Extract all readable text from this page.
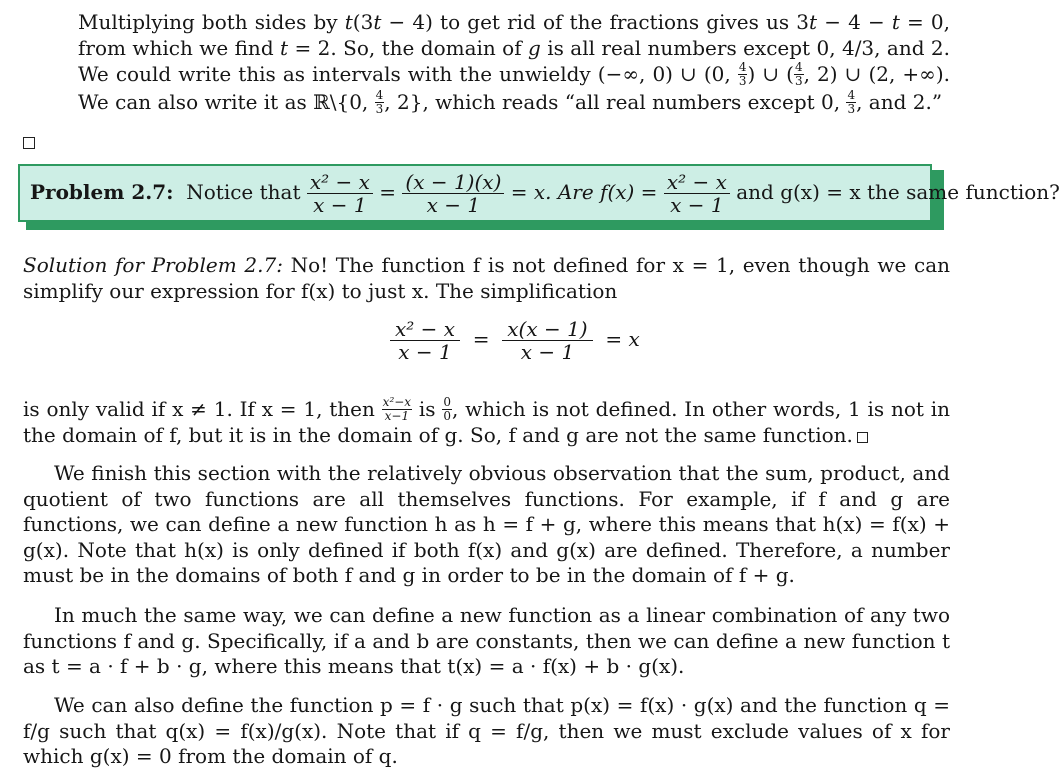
Multiplying both sides by t(3t − 4) to get rid of the fractions gives us 3t − 4 − t = 0, from which we find t = 2. So, the domain of g is all real numbers except 0, 4/3, and 2. We could write this as intervals with the unwieldy (−∞, 0) ∪ (0, $\frac{4}{3}$ ) ∪ ( $\frac{4}{3}$ , 2) ∪ (2, +∞). We can also write it as ℝ\{0, $\frac{4}{3}$ , 2}, which reads “all real numbers except 0, $\frac{4}{3}$ , and 2.”
Problem 2.7:
Notice that
$\frac{\text{x² − x}}{x - 1} = \frac{(x - 1)(x)}{x - 1}$
= x. Are f(x) =
$\frac{\text{x² − x}}{x - 1}$
and g(x) = x the same function?
Solution for Problem 2.7: No! The function f is not defined for x = 1, even though we can simplify our expression for f(x) to just x. The simplification
$\frac{\text{x² − x}}{x - 1} = \frac{x(x - 1)}{x - 1} = x$
is only valid if x ≠ 1. If x = 1, then $\frac{\text{x²−x}}{x-1}$ is $\frac{0}{0}$ , which is not defined. In other words, 1 is not in the domain of f, but it is in the domain of g. So, f and g are not the same function.
We finish this section with the relatively obvious observation that the sum, product, and quotient of two functions are all themselves functions. For example, if f and g are functions, we can define a new function h as h = f + g, where this means that h(x) = f(x) + g(x). Note that h(x) is only defined if both f(x) and g(x) are defined. Therefore, a number must be in the domains of both f and g in order to be in the domain of f + g.
In much the same way, we can define a new function as a linear combination of any two functions f and g. Specifically, if a and b are constants, then we can define a new function t as t = a · f + b · g, where this means that t(x) = a · f(x) + b · g(x).
We can also define the function p = f · g such that p(x) = f(x) · g(x) and the function q = f/g such that q(x) = f(x)/g(x). Note that if q = f/g, then we must exclude values of x for which g(x) = 0 from the domain of q.
